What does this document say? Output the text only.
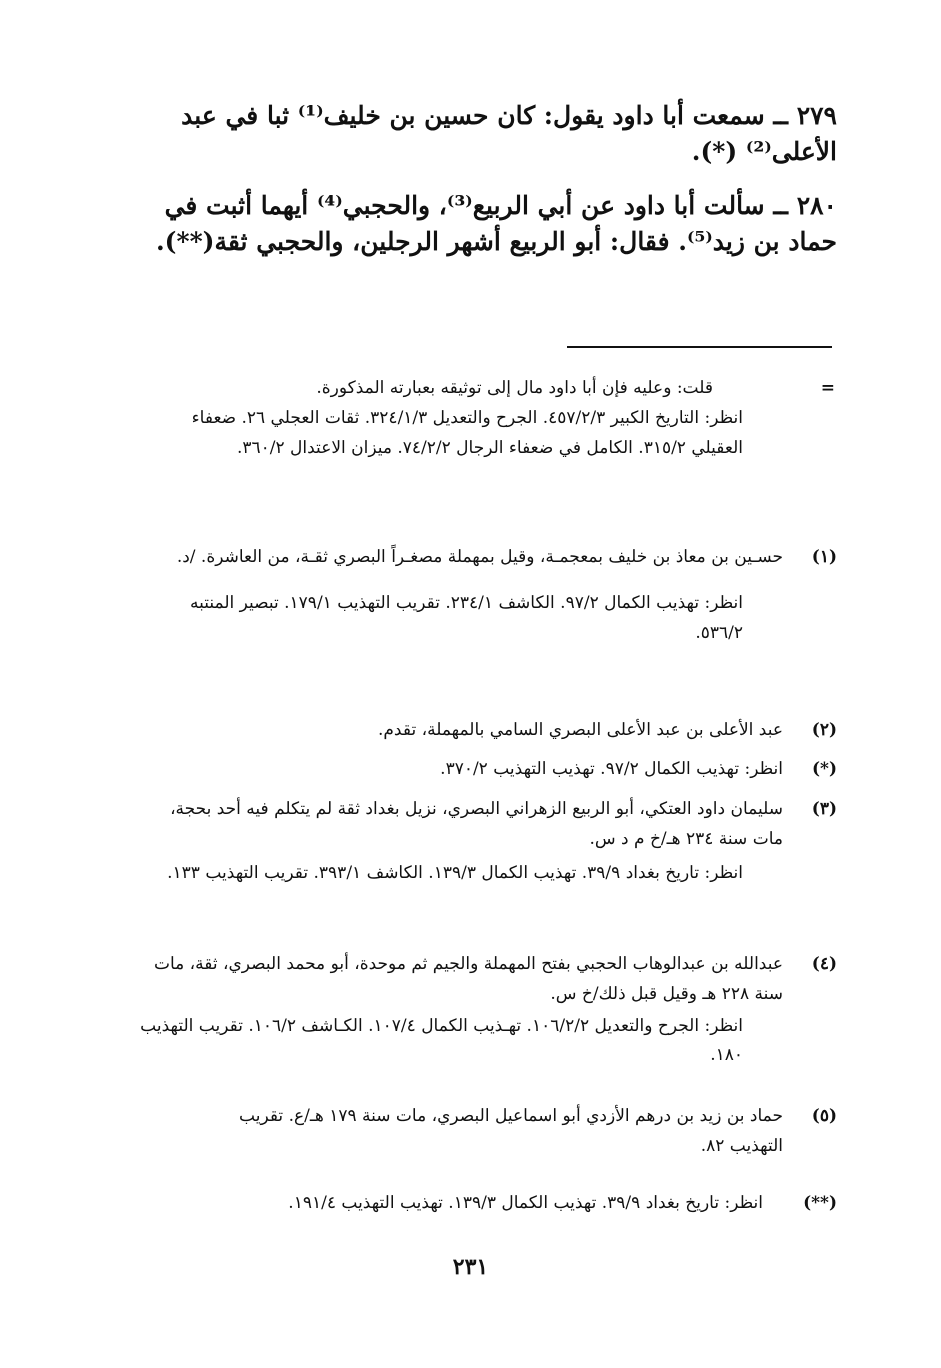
٢٧٩ ــ سمعت أبا داود يقول: كان حسين بن خليف⁽¹⁾ ثبا في عبد الأعلى⁽²⁾ (*).
٢٨٠ ــ سألت أبا داود عن أبي الربيع⁽³⁾، والحجبي⁽⁴⁾ أيهما أثبت في حماد بن زيد⁽⁵⁾. فقال: أبو الربيع أشهر الرجلين، والحجبي ثقة(**).
=
قلت: وعليه فإن أبا داود مال إلى توثيقه بعبارته المذكورة.
انظر: التاريخ الكبير ٤٥٧/٢/٣. الجرح والتعديل ٣٢٤/١/٣. ثقات العجلي ٢٦. ضعفاء العقيلي ٣١٥/٢. الكامل في ضعفاء الرجال ٧٤/٢/٢. ميزان الاعتدال ٣٦٠/٢.
(١)
حسـين بن معاذ بن خليف بمعجمـة، وقيل بمهملة مصغـراً البصري ثقـة، من العاشرة. /د.
انظر: تهذيب الكمال ٩٧/٢. الكاشف ٢٣٤/١. تقريب التهذيب ١٧٩/١. تبصير المنتبه ٥٣٦/٢.
(٢)
عبد الأعلى بن عبد الأعلى البصري السامي بالمهملة، تقدم.
(*)
انظر: تهذيب الكمال ٩٧/٢. تهذيب التهذيب ٣٧٠/٢.
(٣)
سليمان داود العتكي، أبو الربيع الزهراني البصري، نزيل بغداد ثقة لم يتكلم فيه أحد بحجة، مات سنة ٢٣٤ هـ/خ م د س.
انظر: تاريخ بغداد ٣٩/٩. تهذيب الكمال ١٣٩/٣. الكاشف ٣٩٣/١. تقريب التهذيب ١٣٣.
(٤)
عبدالله بن عبدالوهاب الحجبي بفتح المهملة والجيم ثم موحدة، أبو محمد البصري، ثقة، مات سنة ٢٢٨ هـ وقيل قبل ذلك/خ س.
انظر: الجرح والتعديل ١٠٦/٢/٢. تهـذيب الكمال ١٠٧/٤. الكـاشف ١٠٦/٢. تقريب التهذيب ١٨٠.
(٥)
حماد بن زيد بن درهم الأزدي أبو اسماعيل البصري، مات سنة ١٧٩ هـ/ع. تقريب التهذيب ٨٢.
(**)
انظر: تاريخ بغداد ٣٩/٩. تهذيب الكمال ١٣٩/٣. تهذيب التهذيب ١٩١/٤.
٢٣١
